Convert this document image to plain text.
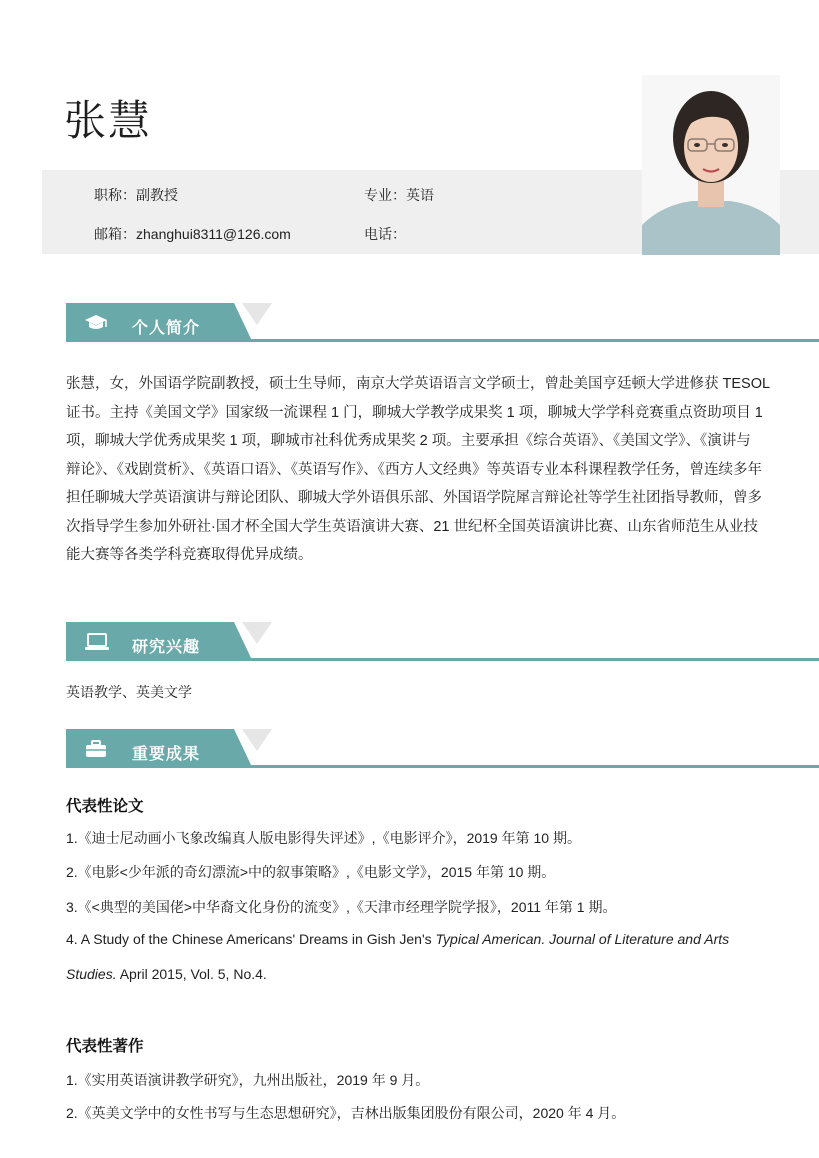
张慧
职称：副教授	专业：英语
邮箱：zhanghui8311@126.com	电话：
个人简介
张慧，女，外国语学院副教授，硕士生导师，南京大学英语语言文学硕士，曾赴美国亨廷顿大学进修获 TESOL
证书。主持《美国文学》国家级一流课程 1 门，聊城大学教学成果奖 1 项，聊城大学学科竞赛重点资助项目 1
项，聊城大学优秀成果奖 1 项，聊城市社科优秀成果奖 2 项。主要承担《综合英语》、《美国文学》、《演讲与
辩论》、《戏剧赏析》、《英语口语》、《英语写作》、《西方人文经典》等英语专业本科课程教学任务，曾连续多年
担任聊城大学英语演讲与辩论团队、聊城大学外语俱乐部、外国语学院犀言辩论社等学生社团指导教师，曾多
次指导学生参加外研社·国才杯全国大学生英语演讲大赛、21 世纪杯全国英语演讲比赛、山东省师范生从业技
能大赛等各类学科竞赛取得优异成绩。
研究兴趣
英语教学、英美文学
重要成果
代表性论文
1.《迪士尼动画小飞象改编真人版电影得失评述》,《电影评介》，2019 年第 10 期。
2.《电影<少年派的奇幻漂流>中的叙事策略》,《电影文学》，2015 年第 10 期。
3.《<典型的美国佬>中华裔文化身份的流变》,《天津市经理学院学报》，2011 年第 1 期。
4. A Study of the Chinese Americans' Dreams in Gish Jen's Typical American. Journal of Literature and Arts
Studies. April 2015, Vol. 5, No.4.
代表性著作
1.《实用英语演讲教学研究》，九州出版社，2019 年 9 月。
2.《英美文学中的女性书写与生态思想研究》，吉林出版集团股份有限公司，2020 年 4 月。
